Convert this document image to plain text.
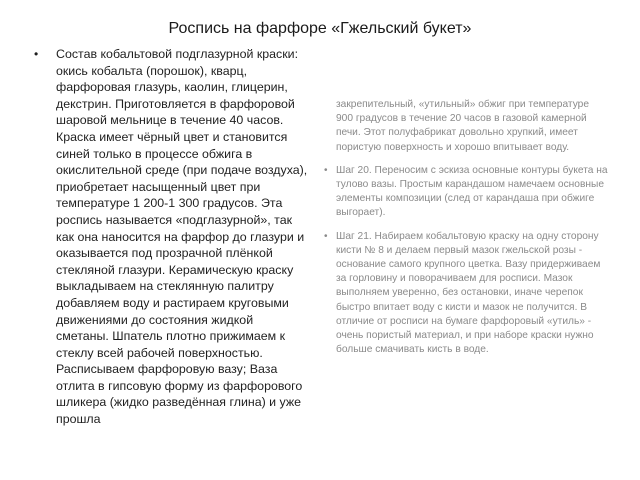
Роспись на фарфоре «Гжельский букет»
• Состав кобальтовой подглазурной краски: окись кобальта (порошок), кварц, фарфоровая глазурь, каолин, глицерин, декстрин. Приготовляется в фарфоровой шаровой мельнице в течение 40 часов. Краска имеет чёрный цвет и становится синей только в процессе обжига в окислительной среде (при подаче воздуха), приобретает насыщенный цвет при температуре 1 200-1 300 градусов. Эта роспись называется «подглазурной», так как она наносится на фарфор до глазури и оказывается под прозрачной плёнкой стекляной глазури. Керамическую краску выкладываем на стеклянную палитру добавляем воду и растираем круговыми движениями до состояния жидкой сметаны. Шпатель плотно прижимаем к стеклу всей рабочей поверхностью. Расписываем фарфоровую вазу; Ваза отлита в гипсовую форму из фарфорового шликера (жидко разведённая глина) и уже прошла
закрепительный, «утильный» обжиг при температуре 900 градусов в течение 20 часов в газовой камерной печи. Этот полуфабрикат довольно хрупкий, имеет пористую поверхность и хорошо впитывает воду.
• Шаг 20. Переносим с эскиза основные контуры букета на тулово вазы. Простым карандашом намечаем основные элементы композиции (след от карандаша при обжиге выгорает).
• Шаг 21. Набираем кобальтовую краску на одну сторону кисти № 8 и делаем первый мазок гжельской розы - основание самого крупного цветка. Вазу придерживаем за горловину и поворачиваем для росписи. Мазок выполняем уверенно, без остановки, иначе черепок быстро впитает воду с кисти и мазок не получится. В отличие от росписи на бумаге фарфоровый «утиль» - очень пористый материал, и при наборе краски нужно больше смачивать кисть в воде.
